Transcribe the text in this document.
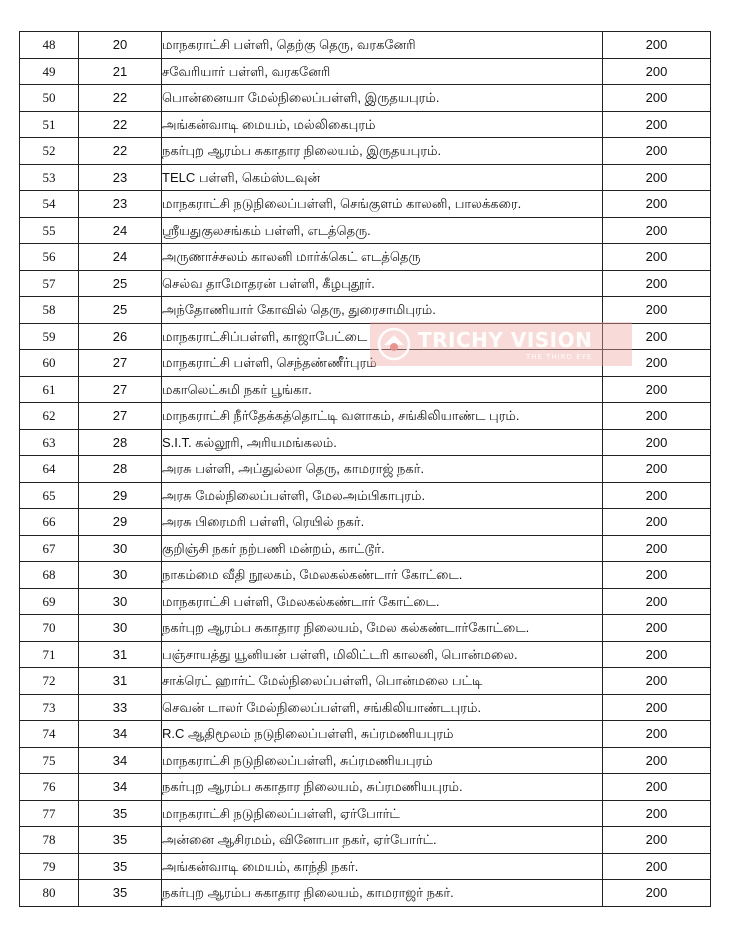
48	20	மாநகராட்சி பள்ளி, தெற்கு தெரு, வரகனேரி	200
49	21	சவேரியார் பள்ளி, வரகனேரி	200
50	22	பொன்னையா மேல்நிலைப்பள்ளி, இருதயபுரம்.	200
51	22	அங்கன்வாடி மையம், மல்லிகைபுரம்	200
52	22	நகர்புற ஆரம்ப சுகாதார நிலையம், இருதயபுரம்.	200
53	23	TELC பள்ளி, கெம்ஸ்டவுன்	200
54	23	மாநகராட்சி நடுநிலைப்பள்ளி, செங்குளம் காலனி, பாலக்கரை.	200
55	24	ஸ்ரீயதுகுலசங்கம் பள்ளி, எடத்தெரு.	200
56	24	அருணாச்சலம் காலனி மார்க்கெட் எடத்தெரு	200
57	25	செல்வ தாமோதரன் பள்ளி, கீழபுதூர்.	200
58	25	அந்தோணியார் கோவில் தெரு, துரைசாமிபுரம்.	200
59	26	மாநகராட்சிப்பள்ளி, காஜாபேட்டை	200
60	27	மாநகராட்சி பள்ளி, செந்தண்ணீர்புரம்	200
61	27	மகாலெட்சுமி நகர் பூங்கா.	200
62	27	மாநகராட்சி நீர்தேக்கத்தொட்டி வளாகம், சங்கிலியாண்ட புரம்.	200
63	28	S.I.T. கல்லூரி, அரியமங்கலம்.	200
64	28	அரசு பள்ளி, அப்துல்லா தெரு, காமராஜ் நகர்.	200
65	29	அரசு மேல்நிலைப்பள்ளி, மேலஅம்பிகாபுரம்.	200
66	29	அரசு பிரைமரி பள்ளி, ரெயில் நகர்.	200
67	30	குறிஞ்சி நகர் நற்பணி மன்றம், காட்டூர்.	200
68	30	நாகம்மை வீதி நூலகம், மேலகல்கண்டார் கோட்டை.	200
69	30	மாநகராட்சி பள்ளி, மேலகல்கண்டார் கோட்டை.	200
70	30	நகர்புற ஆரம்ப சுகாதார நிலையம், மேல கல்கண்டார்கோட்டை.	200
71	31	பஞ்சாயத்து யூனியன் பள்ளி, மிலிட்டரி காலனி, பொன்மலை.	200
72	31	சாக்ரெட் ஹார்ட் மேல்நிலைப்பள்ளி, பொன்மலை பட்டி	200
73	33	செவன் டாலர் மேல்நிலைப்பள்ளி, சங்கிலியாண்டபுரம்.	200
74	34	R.C ஆதிமூலம் நடுநிலைப்பள்ளி, சுப்ரமணியபுரம்	200
75	34	மாநகராட்சி நடுநிலைப்பள்ளி, சுப்ரமணியபுரம்	200
76	34	நகர்புற ஆரம்ப சுகாதார நிலையம், சுப்ரமணியபுரம்.	200
77	35	மாநகராட்சி நடுநிலைப்பள்ளி, ஏர்போர்ட்	200
78	35	அன்னை ஆசிரமம், வினோபா நகர், ஏர்போர்ட்.	200
79	35	அங்கன்வாடி மையம், காந்தி நகர்.	200
80	35	நகர்புற ஆரம்ப சுகாதார நிலையம், காமராஜர் நகர்.	200
TRICHY VISION
THE THIRD EYE
